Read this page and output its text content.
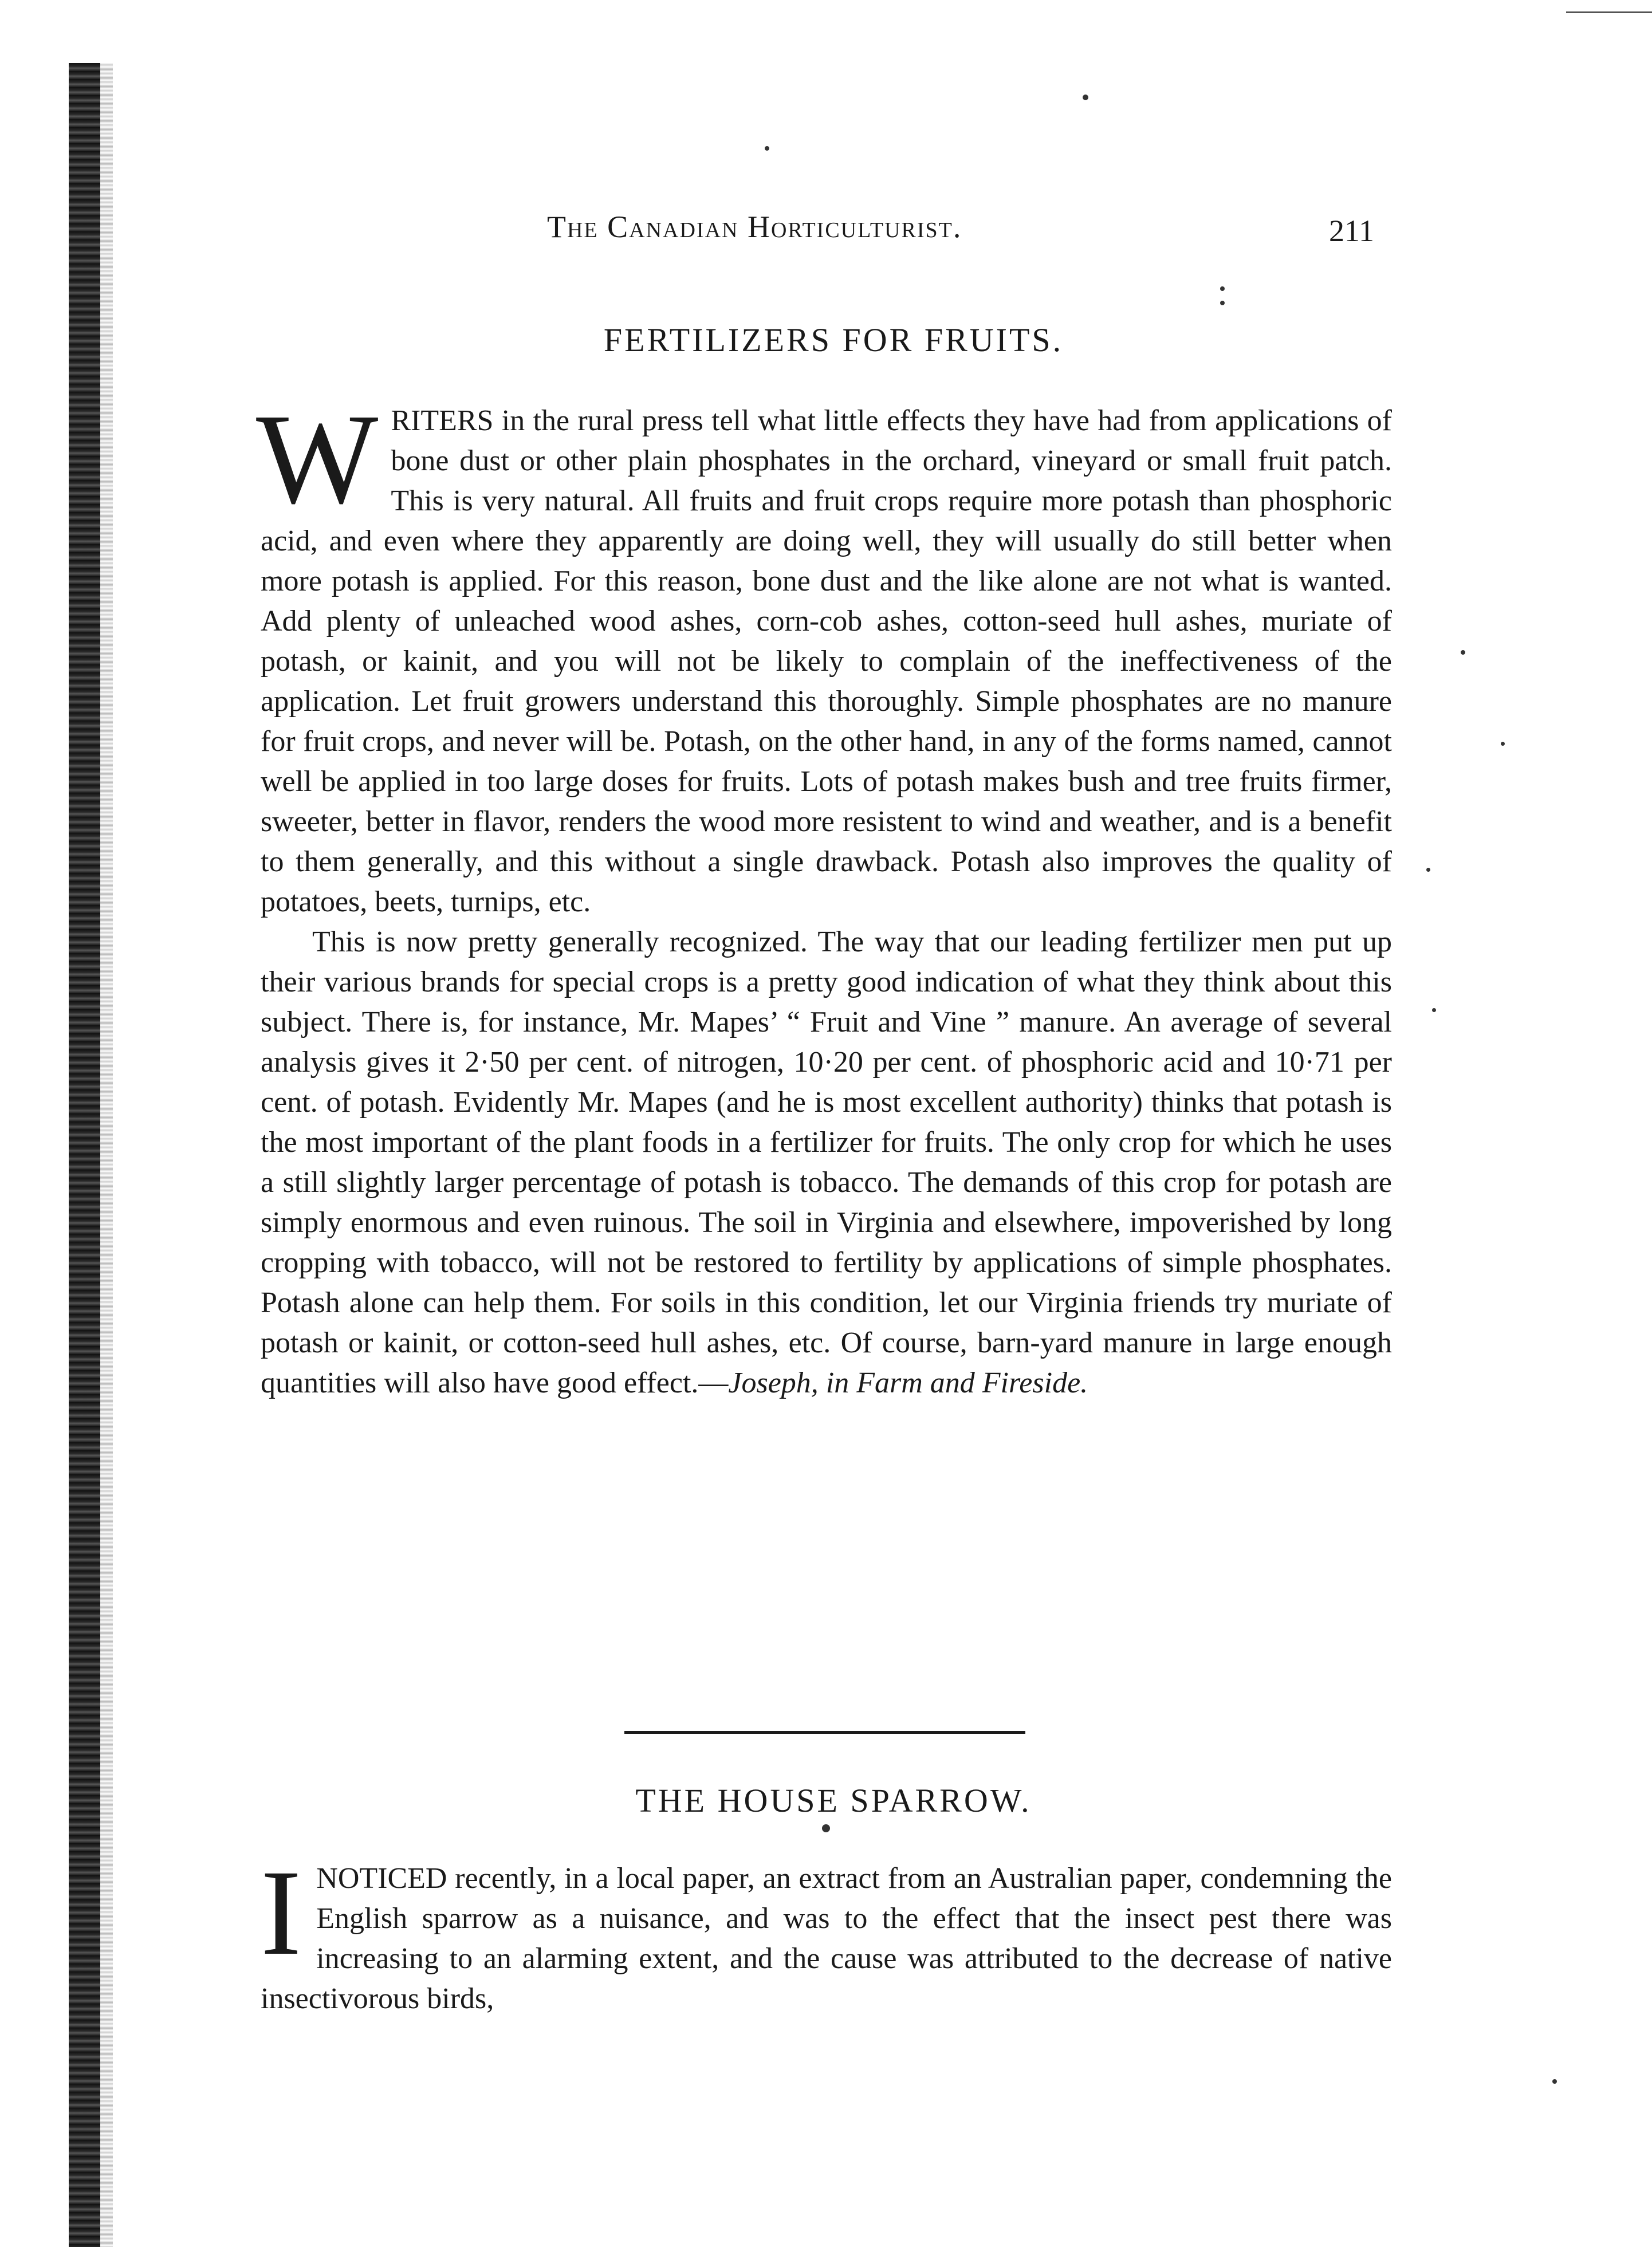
The Canadian Horticulturist.	211
FERTILIZERS FOR FRUITS.
W RITERS in the rural press tell what little effects they have had from applications of bone dust or other plain phosphates in the orchard, vineyard or small fruit patch. This is very natural. All fruits and fruit crops require more potash than phosphoric acid, and even where they apparently are doing well, they will usually do still better when more potash is applied. For this reason, bone dust and the like alone are not what is wanted. Add plenty of unleached wood ashes, corn-cob ashes, cotton-seed hull ashes, muriate of potash, or kainit, and you will not be likely to complain of the ineffectiveness of the application. Let fruit growers understand this thoroughly. Simple phosphates are no manure for fruit crops, and never will be. Potash, on the other hand, in any of the forms named, cannot well be applied in too large doses for fruits. Lots of potash makes bush and tree fruits firmer, sweeter, better in flavor, renders the wood more resistent to wind and weather, and is a benefit to them generally, and this without a single drawback. Potash also improves the quality of potatoes, beets, turnips, etc.

This is now pretty generally recognized. The way that our leading fertilizer men put up their various brands for special crops is a pretty good indication of what they think about this subject. There is, for instance, Mr. Mapes’ “ Fruit and Vine ” manure. An average of several analysis gives it 2·50 per cent. of nitrogen, 10·20 per cent. of phosphoric acid and 10·71 per cent. of potash. Evidently Mr. Mapes (and he is most excellent authority) thinks that potash is the most important of the plant foods in a fertilizer for fruits. The only crop for which he uses a still slightly larger percentage of potash is tobacco. The demands of this crop for potash are simply enormous and even ruinous. The soil in Virginia and elsewhere, impoverished by long cropping with tobacco, will not be restored to fertility by applications of simple phosphates. Potash alone can help them. For soils in this condition, let our Virginia friends try muriate of potash or kainit, or cotton-seed hull ashes, etc. Of course, barn-yard manure in large enough quantities will also have good effect.—Joseph, in Farm and Fireside.

THE HOUSE SPARROW.
I NOTICED recently, in a local paper, an extract from an Australian paper, condemning the English sparrow as a nuisance, and was to the effect that the insect pest there was increasing to an alarming extent, and the cause was attributed to the decrease of native insectivorous birds,
